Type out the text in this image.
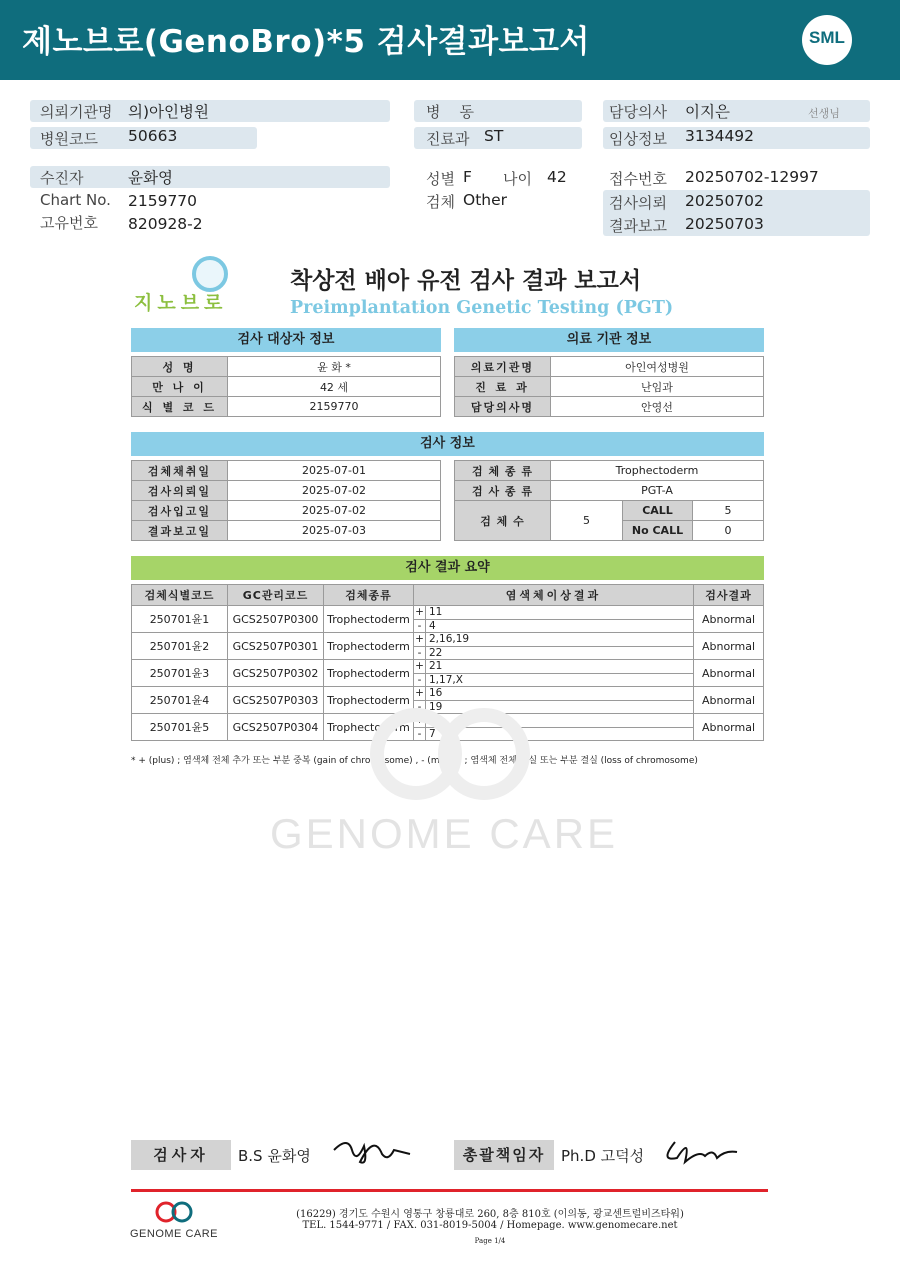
제노브로(GenoBro)*5 검사결과보고서	SML
의뢰기관명 의)아인병원
병원코드 50663
병    동
진료과 ST
담당의사 이지은	선생님
임상정보 3134492
수진자	윤화영
Chart No. 2159770
고유번호 820928-2
성별 F 나이 42
검체 Other
접수번호 20250702-12997
검사의뢰 20250702
결과보고 20250703
지노브로
착상전 배아 유전 검사 결과 보고서
Preimplantation Genetic Testing (PGT)
검사 대상자 정보
성 명	윤 화 *
만 나 이	42 세
식 별 코 드	2159770
의료 기관 정보
의료기관명	아인여성병원
진 료 과	난임과
담당의사명	안영선
검사 정보
검체채취일	2025-07-01
검사의뢰일	2025-07-02
검사입고일	2025-07-02
결과보고일	2025-07-03
검 체 종 류	Trophectoderm		
검 사 종 류	PGT-A		
검 체 수	5	CALL	5
		No CALL	0
검사 결과 요약
검체식별코드	GC관리코드	검체종류	염색체이상결과	검사결과
250701윤1	GCS2507P0300	Trophectoderm	+ 11
- 4	Abnormal
250701윤2	GCS2507P0301	Trophectoderm	+ 2,16,19
- 22	Abnormal
250701윤3	GCS2507P0302	Trophectoderm	+ 21
- 1,17,X	Abnormal
250701윤4	GCS2507P0303	Trophectoderm	+ 16
- 19	Abnormal
250701윤5	GCS2507P0304	Trophectoderm	+ 19
- 7	Abnormal
* + (plus) ; 염색체 전체 추가 또는 부분 중복 (gain of chromosome) , - (minus) ; 염색체 전체 소실 또는 부분 결실 (loss of chromosome)
GENOME CARE
검사자	B.S 윤화영	총괄책임자	Ph.D 고덕성
GENOME CARE
(16229) 경기도 수원시 영통구 창룡대로 260, 8층 810호 (이의동, 광교센트럴비즈타워)
TEL. 1544-9771 / FAX. 031-8019-5004 / Homepage. www.genomecare.net
Page 1/4
